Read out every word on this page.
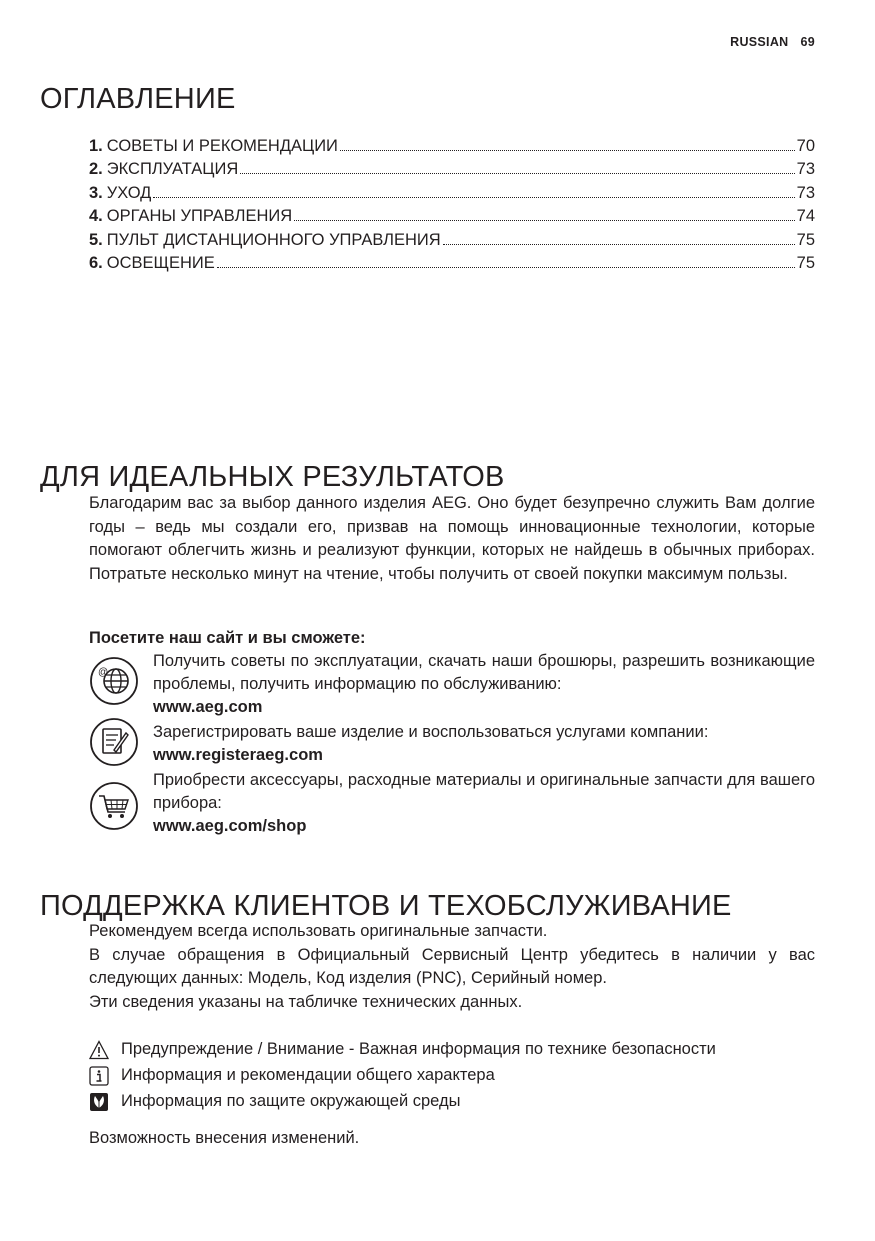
RUSSIAN 69
ОГЛАВЛЕНИЕ
1. СОВЕТЫ И РЕКОМЕНДАЦИИ	70
2. ЭКСПЛУАТАЦИЯ	73
3. УХОД	73
4. ОРГАНЫ УПРАВЛЕНИЯ	74
5. ПУЛЬТ ДИСТАНЦИОННОГО УПРАВЛЕНИЯ	75
6. ОСВЕЩЕНИЕ	75
ДЛЯ ИДЕАЛЬНЫХ РЕЗУЛЬТАТОВ

Благодарим вас за выбор данного изделия AEG. Оно будет безупречно служить Вам долгие годы – ведь мы создали его, призвав на помощь инновационные технологии, которые помогают облегчить жизнь и реализуют функции, которых не найдешь в обычных приборах. Потратьте несколько минут на чтение, чтобы получить от своей покупки максимум пользы.

Посетите наш сайт и вы сможете:
@
Получить советы по эксплуатации, скачать наши брошюры, разрешить возникающие проблемы, получить информацию по обслуживанию:
www.aeg.com
Зарегистрировать ваше изделие и воспользоваться услугами компании:
www.registeraeg.com
Приобрести аксессуары, расходные материалы и оригинальные запчасти для вашего прибора:
www.aeg.com/shop
ПОДДЕРЖКА КЛИЕНТОВ И ТЕХОБСЛУЖИВАНИЕ

Рекомендуем всегда использовать оригинальные запчасти.

В случае обращения в Официальный Сервисный Центр убедитесь в наличии у вас следующих данных: Модель, Код изделия (PNC), Серийный номер.

Эти сведения указаны на табличке технических данных.

Предупреждение / Внимание - Важная информация по технике безопасности
Информация и рекомендации общего характера
Информация по защите окружающей среды
Возможность внесения изменений.
